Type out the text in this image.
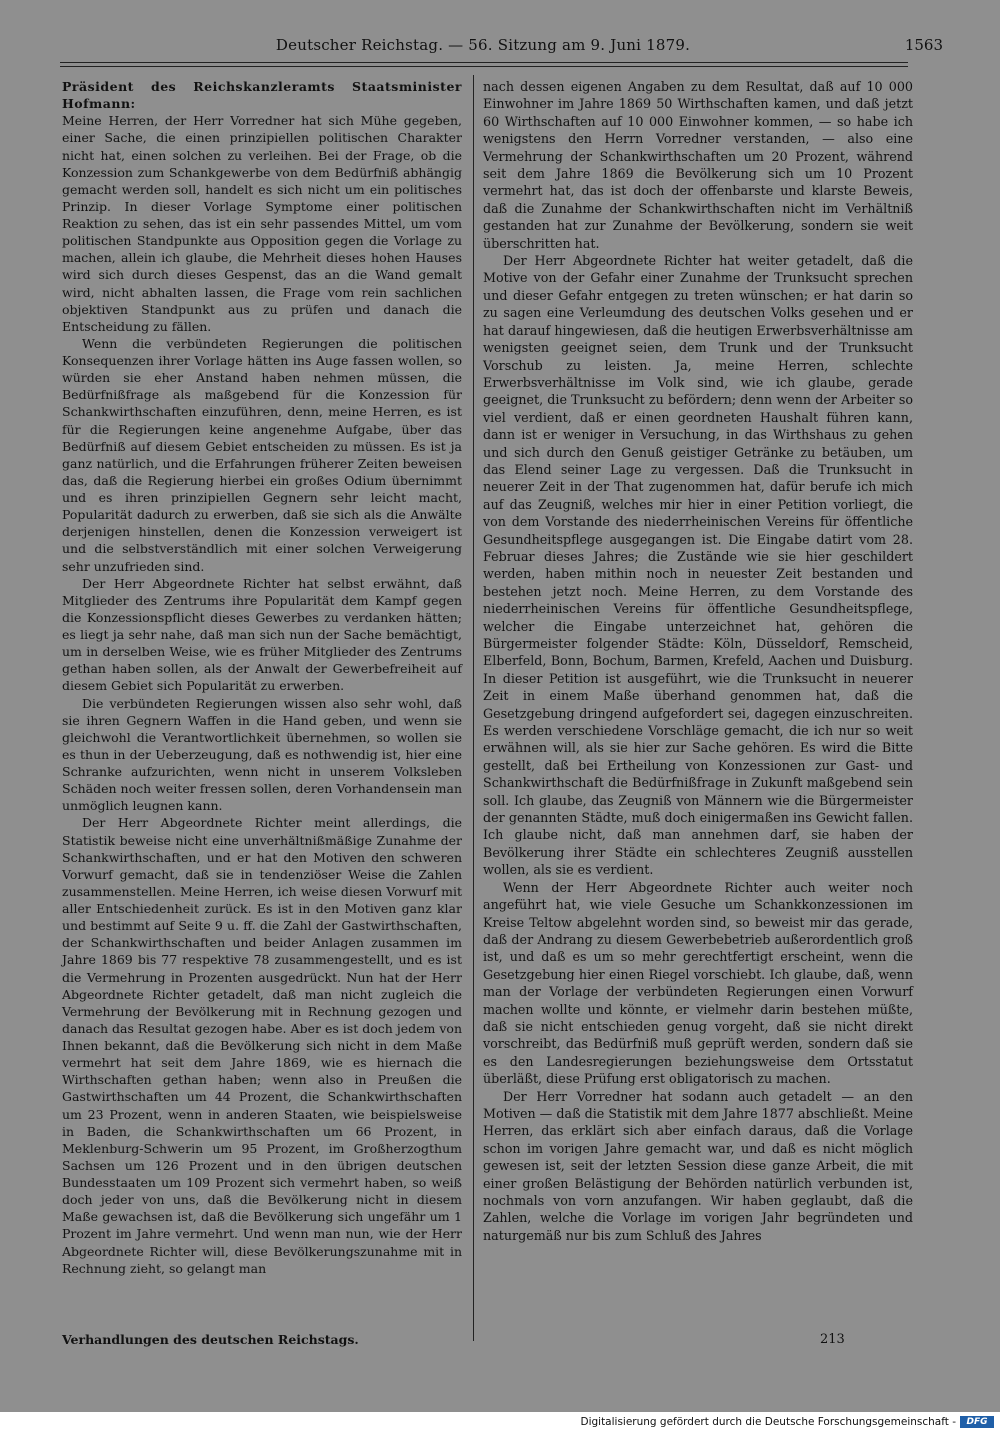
Deutscher Reichstag. — 56. Sitzung am 9. Juni 1879.	1563

Präsident des Reichskanzleramts Staatsminister Hofmann:

Meine Herren, der Herr Vorredner hat sich Mühe gegeben, einer Sache, die einen prinzipiellen politischen Charakter nicht hat, einen solchen zu verleihen. Bei der Frage, ob die Konzession zum Schankgewerbe von dem Bedürfniß abhängig gemacht werden soll, handelt es sich nicht um ein politisches Prinzip. In dieser Vorlage Symptome einer politischen Reaktion zu sehen, das ist ein sehr passendes Mittel, um vom politischen Standpunkte aus Opposition gegen die Vorlage zu machen, allein ich glaube, die Mehrheit dieses hohen Hauses wird sich durch dieses Gespenst, das an die Wand gemalt wird, nicht abhalten lassen, die Frage vom rein sachlichen objektiven Standpunkt aus zu prüfen und danach die Entscheidung zu fällen.

Wenn die verbündeten Regierungen die politischen Konsequenzen ihrer Vorlage hätten ins Auge fassen wollen, so würden sie eher Anstand haben nehmen müssen, die Bedürfnißfrage als maßgebend für die Konzession für Schankwirthschaften einzuführen, denn, meine Herren, es ist für die Regierungen keine angenehme Aufgabe, über das Bedürfniß auf diesem Gebiet entscheiden zu müssen. Es ist ja ganz natürlich, und die Erfahrungen früherer Zeiten beweisen das, daß die Regierung hierbei ein großes Odium übernimmt und es ihren prinzipiellen Gegnern sehr leicht macht, Popularität dadurch zu erwerben, daß sie sich als die Anwälte derjenigen hinstellen, denen die Konzession verweigert ist und die selbstverständlich mit einer solchen Verweigerung sehr unzufrieden sind.

Der Herr Abgeordnete Richter hat selbst erwähnt, daß Mitglieder des Zentrums ihre Popularität dem Kampf gegen die Konzessionspflicht dieses Gewerbes zu verdanken hätten; es liegt ja sehr nahe, daß man sich nun der Sache bemächtigt, um in derselben Weise, wie es früher Mitglieder des Zentrums gethan haben sollen, als der Anwalt der Gewerbefreiheit auf diesem Gebiet sich Popularität zu erwerben.

Die verbündeten Regierungen wissen also sehr wohl, daß sie ihren Gegnern Waffen in die Hand geben, und wenn sie gleichwohl die Verantwortlichkeit übernehmen, so wollen sie es thun in der Ueberzeugung, daß es nothwendig ist, hier eine Schranke aufzurichten, wenn nicht in unserem Volksleben Schäden noch weiter fressen sollen, deren Vorhandensein man unmöglich leugnen kann.

Der Herr Abgeordnete Richter meint allerdings, die Statistik beweise nicht eine unverhältnißmäßige Zunahme der Schankwirthschaften, und er hat den Motiven den schweren Vorwurf gemacht, daß sie in tendenziöser Weise die Zahlen zusammenstellen. Meine Herren, ich weise diesen Vorwurf mit aller Entschiedenheit zurück. Es ist in den Motiven ganz klar und bestimmt auf Seite 9 u. ff. die Zahl der Gastwirthschaften, der Schankwirthschaften und beider Anlagen zusammen im Jahre 1869 bis 77 respektive 78 zusammengestellt, und es ist die Vermehrung in Prozenten ausgedrückt. Nun hat der Herr Abgeordnete Richter getadelt, daß man nicht zugleich die Vermehrung der Bevölkerung mit in Rechnung gezogen und danach das Resultat gezogen habe. Aber es ist doch jedem von Ihnen bekannt, daß die Bevölkerung sich nicht in dem Maße vermehrt hat seit dem Jahre 1869, wie es hiernach die Wirthschaften gethan haben; wenn also in Preußen die Gastwirthschaften um 44 Prozent, die Schankwirthschaften um 23 Prozent, wenn in anderen Staaten, wie beispielsweise in Baden, die Schankwirthschaften um 66 Prozent, in Meklenburg-Schwerin um 95 Prozent, im Großherzogthum Sachsen um 126 Prozent und in den übrigen deutschen Bundesstaaten um 109 Prozent sich vermehrt haben, so weiß doch jeder von uns, daß die Bevölkerung nicht in diesem Maße gewachsen ist, daß die Bevölkerung sich ungefähr um 1 Prozent im Jahre vermehrt. Und wenn man nun, wie der Herr Abgeordnete Richter will, diese Bevölkerungszunahme mit in Rechnung zieht, so gelangt man

nach dessen eigenen Angaben zu dem Resultat, daß auf 10 000 Einwohner im Jahre 1869 50 Wirthschaften kamen, und daß jetzt 60 Wirthschaften auf 10 000 Einwohner kommen, — so habe ich wenigstens den Herrn Vorredner verstanden, — also eine Vermehrung der Schankwirthschaften um 20 Prozent, während seit dem Jahre 1869 die Bevölkerung sich um 10 Prozent vermehrt hat, das ist doch der offenbarste und klarste Beweis, daß die Zunahme der Schankwirthschaften nicht im Verhältniß gestanden hat zur Zunahme der Bevölkerung, sondern sie weit überschritten hat.

Der Herr Abgeordnete Richter hat weiter getadelt, daß die Motive von der Gefahr einer Zunahme der Trunksucht sprechen und dieser Gefahr entgegen zu treten wünschen; er hat darin so zu sagen eine Verleumdung des deutschen Volks gesehen und er hat darauf hingewiesen, daß die heutigen Erwerbsverhältnisse am wenigsten geeignet seien, dem Trunk und der Trunksucht Vorschub zu leisten. Ja, meine Herren, schlechte Erwerbsverhältnisse im Volk sind, wie ich glaube, gerade geeignet, die Trunksucht zu befördern; denn wenn der Arbeiter so viel verdient, daß er einen geordneten Haushalt führen kann, dann ist er weniger in Versuchung, in das Wirthshaus zu gehen und sich durch den Genuß geistiger Getränke zu betäuben, um das Elend seiner Lage zu vergessen. Daß die Trunksucht in neuerer Zeit in der That zugenommen hat, dafür berufe ich mich auf das Zeugniß, welches mir hier in einer Petition vorliegt, die von dem Vorstande des niederrheinischen Vereins für öffentliche Gesundheitspflege ausgegangen ist. Die Eingabe datirt vom 28. Februar dieses Jahres; die Zustände wie sie hier geschildert werden, haben mithin noch in neuester Zeit bestanden und bestehen jetzt noch. Meine Herren, zu dem Vorstande des niederrheinischen Vereins für öffentliche Gesundheitspflege, welcher die Eingabe unterzeichnet hat, gehören die Bürgermeister folgender Städte: Köln, Düsseldorf, Remscheid, Elberfeld, Bonn, Bochum, Barmen, Krefeld, Aachen und Duisburg. In dieser Petition ist ausgeführt, wie die Trunksucht in neuerer Zeit in einem Maße überhand genommen hat, daß die Gesetzgebung dringend aufgefordert sei, dagegen einzuschreiten. Es werden verschiedene Vorschläge gemacht, die ich nur so weit erwähnen will, als sie hier zur Sache gehören. Es wird die Bitte gestellt, daß bei Ertheilung von Konzessionen zur Gast- und Schankwirthschaft die Bedürfnißfrage in Zukunft maßgebend sein soll. Ich glaube, das Zeugniß von Männern wie die Bürgermeister der genannten Städte, muß doch einigermaßen ins Gewicht fallen. Ich glaube nicht, daß man annehmen darf, sie haben der Bevölkerung ihrer Städte ein schlechteres Zeugniß ausstellen wollen, als sie es verdient.

Wenn der Herr Abgeordnete Richter auch weiter noch angeführt hat, wie viele Gesuche um Schankkonzessionen im Kreise Teltow abgelehnt worden sind, so beweist mir das gerade, daß der Andrang zu diesem Gewerbebetrieb außerordentlich groß ist, und daß es um so mehr gerechtfertigt erscheint, wenn die Gesetzgebung hier einen Riegel vorschiebt. Ich glaube, daß, wenn man der Vorlage der verbündeten Regierungen einen Vorwurf machen wollte und könnte, er vielmehr darin bestehen müßte, daß sie nicht entschieden genug vorgeht, daß sie nicht direkt vorschreibt, das Bedürfniß muß geprüft werden, sondern daß sie es den Landesregierungen beziehungsweise dem Ortsstatut überläßt, diese Prüfung erst obligatorisch zu machen.

Der Herr Vorredner hat sodann auch getadelt — an den Motiven — daß die Statistik mit dem Jahre 1877 abschließt. Meine Herren, das erklärt sich aber einfach daraus, daß die Vorlage schon im vorigen Jahre gemacht war, und daß es nicht möglich gewesen ist, seit der letzten Session diese ganze Arbeit, die mit einer großen Belästigung der Behörden natürlich verbunden ist, nochmals von vorn anzufangen. Wir haben geglaubt, daß die Zahlen, welche die Vorlage im vorigen Jahr begründeten und naturgemäß nur bis zum Schluß des Jahres

Verhandlungen des deutschen Reichstags.	213
Digitalisierung gefördert durch die Deutsche Forschungsgemeinschaft -	DFG
